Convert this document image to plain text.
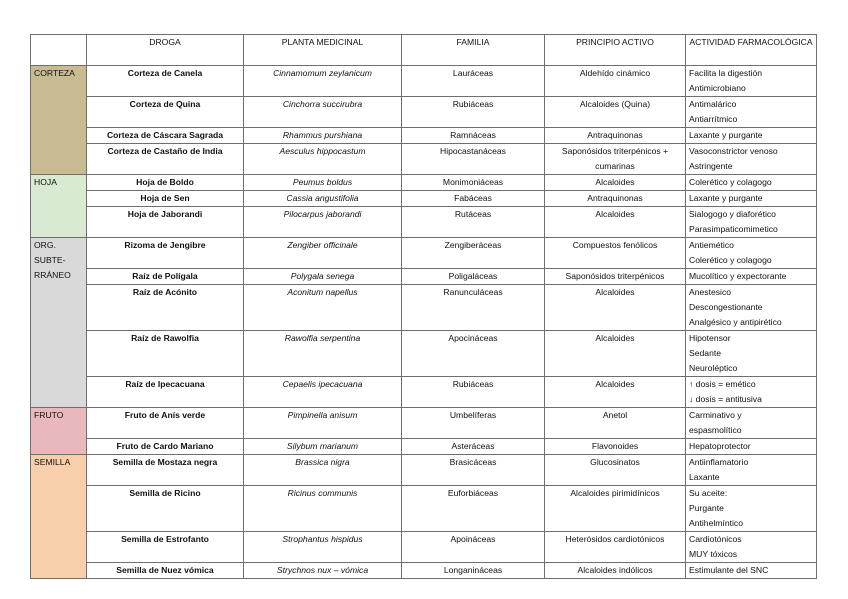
	DROGA	PLANTA MEDICINAL	FAMILIA	PRINCIPIO ACTIVO	ACTIVIDAD FARMACOLÓGICA

CORTEZA	Corteza de Canela	Cinnamomum zeylanicum	Lauráceas	Aldehído cinámico	Facilita la digestión
Antimicrobiano

	Corteza de Quina	Cinchorra succirubra	Rubiáceas	Alcaloides (Quina)	Antimalárico
Antiarrítmico

	Corteza de Cáscara Sagrada	Rhammus purshiana	Ramnáceas	Antraquinonas	Laxante y purgante

	Corteza de Castaño de India	Aesculus hippocastum	Hipocastanáceas	Saponósidos triterpénicos +
cumarinas	Vasoconstrictor venoso
Astringente

HOJA	Hoja de Boldo	Peumus boldus	Monimoniáceas	Alcaloides	Colerético y colagogo

	Hoja de Sen	Cassia angustifolia	Fabáceas	Antraquinonas	Laxante y purgante

	Hoja de Jaborandi	Pilocarpus jaborandi	Rutáceas	Alcaloides	Sialogogo y diaforético
Parasimpaticomimetico

ORG.
SUBTE-
RRÁNEO	Rizoma de Jengibre	Zengiber officinale	Zengiberáceas	Compuestos fenólicos	Antiemético
Colerético y colagogo

	Raíz de Polígala	Polygala senega	Poligaláceas	Saponósidos triterpénicos	Mucolítico y expectorante

	Raíz de Acónito	Aconitum napellus	Ranunculáceas	Alcaloides	Anestesico
Descongestionante
Analgésico y antipirético

	Raíz de Rawolfia	Rawolfia serpentina	Apocináceas	Alcaloides	Hipotensor
Sedante
Neuroléptico

	Raíz de Ipecacuana	Cepaelis ipecacuana	Rubiáceas	Alcaloides	↑ dosis = emético
↓ dosis = antitusiva

FRUTO	Fruto de Anís verde	Pimpinella anisum	Umbelíferas	Anetol	Carminativo y
espasmolítico

	Fruto de Cardo Mariano	Silybum marianum	Asteráceas	Flavonoides	Hepatoprotector

SEMILLA	Semilla de Mostaza negra	Brassica nigra	Brasicáceas	Glucosinatos	Antiinflamatorio
Laxante

	Semilla de Ricino	Ricinus communis	Euforbiáceas	Alcaloides pirimidínicos	Su aceite:
Purgante
Antihelmíntico

	Semilla de Estrofanto	Strophantus hispidus	Apoináceas	Heterósidos cardiotónicos	Cardiotónicos
MUY tóxicos

	Semilla de Nuez vómica	Strychnos nux – vómica	Longanináceas	Alcaloides indólicos	Estimulante del SNC
